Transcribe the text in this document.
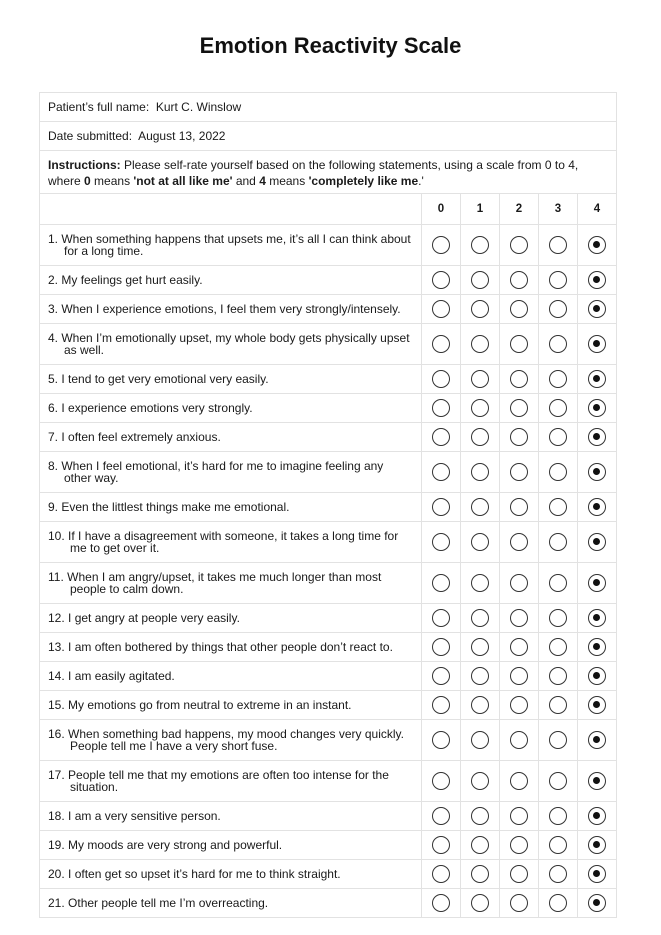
Emotion Reactivity Scale
Patient’s full name: Kurt C. Winslow
Date submitted: August 13, 2022
Instructions: Please self-rate yourself based on the following statements, using a scale from 0 to 4, where 0 means 'not at all like me' and 4 means 'completely like me.'
	0	1	2	3	4

1. When something happens that upsets me, it’s all I can think about for a long time.					

2. My feelings get hurt easily.					

3. When I experience emotions, I feel them very strongly/intensely.					

4. When I’m emotionally upset, my whole body gets physically upset as well.					

5. I tend to get very emotional very easily.					

6. I experience emotions very strongly.					

7. I often feel extremely anxious.					

8. When I feel emotional, it’s hard for me to imagine feeling any other way.					

9. Even the littlest things make me emotional.					

10. If I have a disagreement with someone, it takes a long time for me to get over it.					

11. When I am angry/upset, it takes me much longer than most people to calm down.					

12. I get angry at people very easily.					

13. I am often bothered by things that other people don’t react to.					

14. I am easily agitated.					

15. My emotions go from neutral to extreme in an instant.					

16. When something bad happens, my mood changes very quickly. People tell me I have a very short fuse.					

17. People tell me that my emotions are often too intense for the situation.					

18. I am a very sensitive person.					

19. My moods are very strong and powerful.					

20. I often get so upset it’s hard for me to think straight.					

21. Other people tell me I’m overreacting.					
